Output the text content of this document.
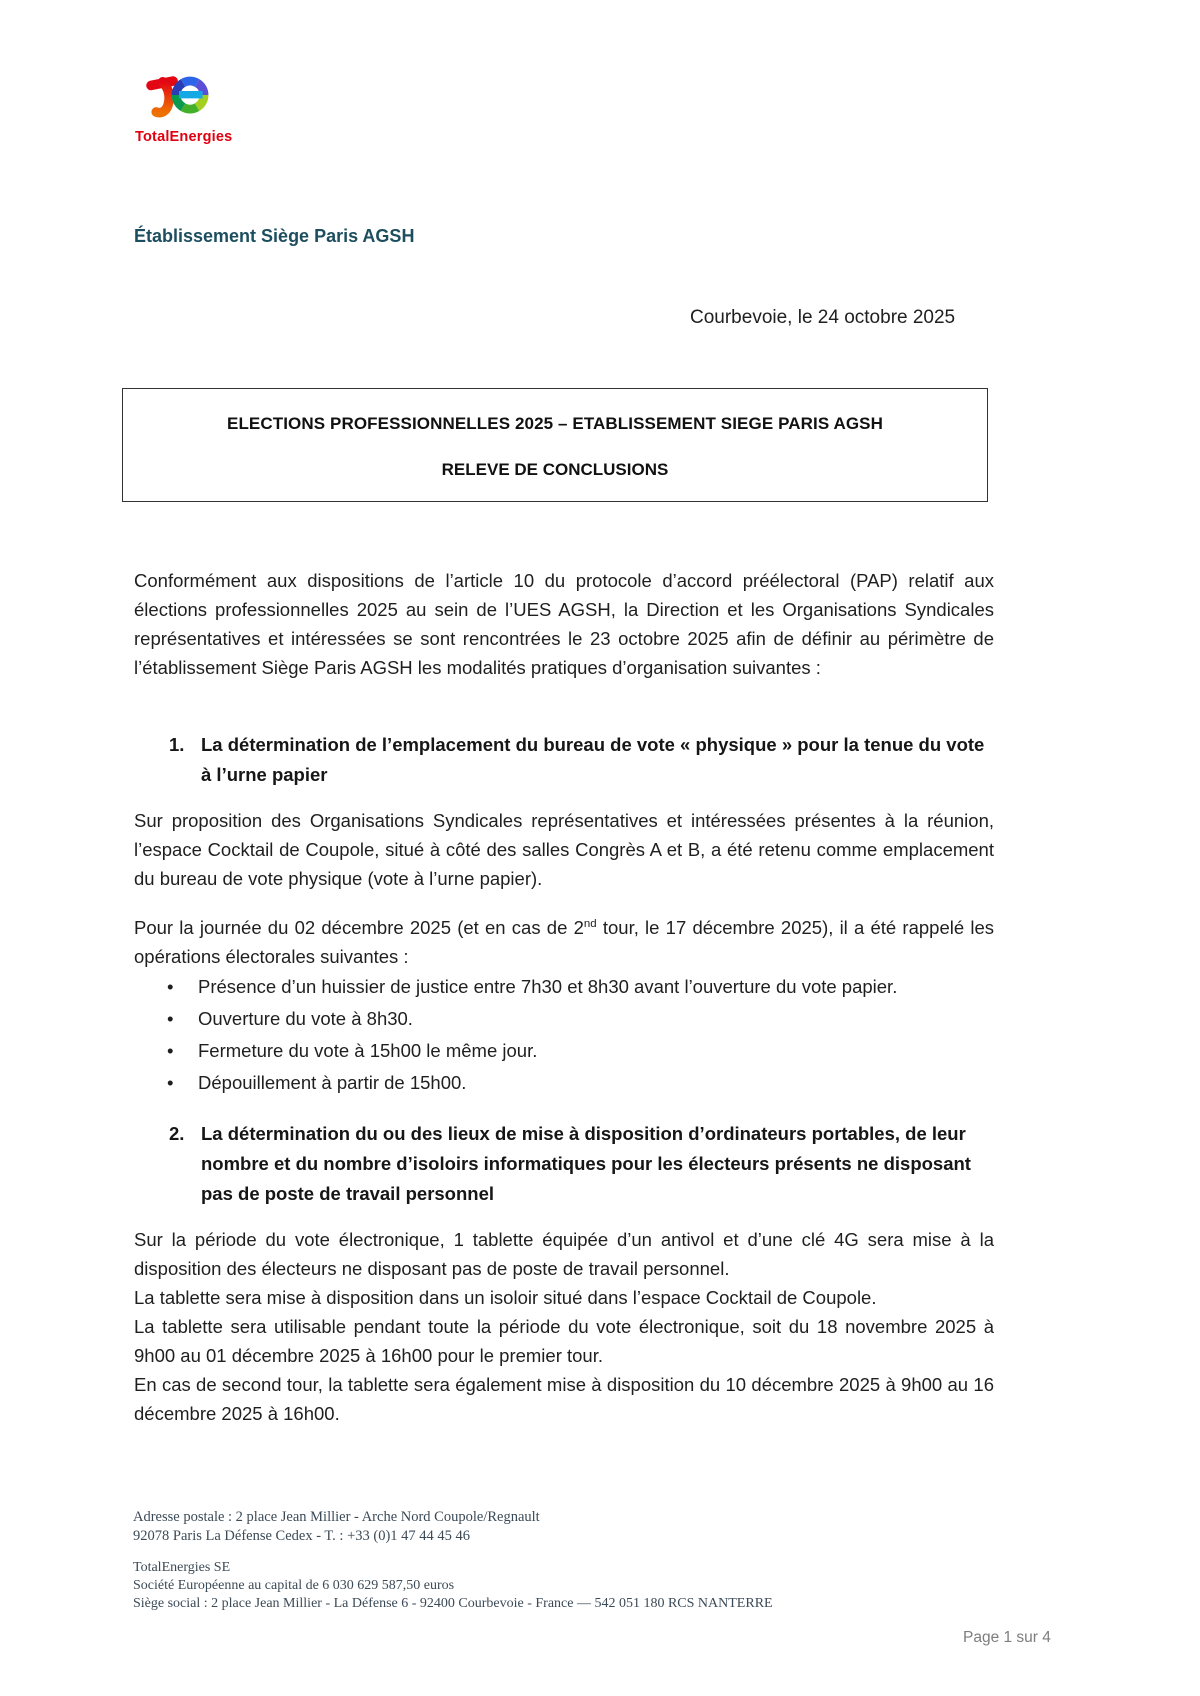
TotalEnergies
Établissement Siège Paris AGSH
Courbevoie, le 24 octobre 2025
ELECTIONS PROFESSIONNELLES 2025 – ETABLISSEMENT SIEGE PARIS AGSH
RELEVE DE CONCLUSIONS

Conformément aux dispositions de l’article 10 du protocole d’accord préélectoral (PAP) relatif aux élections professionnelles 2025 au sein de l’UES AGSH, la Direction et les Organisations Syndicales représentatives et intéressées se sont rencontrées le 23 octobre 2025 afin de définir au périmètre de l’établissement Siège Paris AGSH les modalités pratiques d’organisation suivantes :

1. La détermination de l’emplacement du bureau de vote « physique » pour la tenue du vote à l’urne papier

Sur proposition des Organisations Syndicales représentatives et intéressées présentes à la réunion, l’espace Cocktail de Coupole, situé à côté des salles Congrès A et B, a été retenu comme emplacement du bureau de vote physique (vote à l’urne papier).

Pour la journée du 02 décembre 2025 (et en cas de 2nd tour, le 17 décembre 2025), il a été rappelé les opérations électorales suivantes :

• Présence d’un huissier de justice entre 7h30 et 8h30 avant l’ouverture du vote papier.
• Ouverture du vote à 8h30.
• Fermeture du vote à 15h00 le même jour.
• Dépouillement à partir de 15h00.
2. La détermination du ou des lieux de mise à disposition d’ordinateurs portables, de leur nombre et du nombre d’isoloirs informatiques pour les électeurs présents ne disposant pas de poste de travail personnel

Sur la période du vote électronique, 1 tablette équipée d’un antivol et d’une clé 4G sera mise à la disposition des électeurs ne disposant pas de poste de travail personnel.

La tablette sera mise à disposition dans un isoloir situé dans l’espace Cocktail de Coupole.

La tablette sera utilisable pendant toute la période du vote électronique, soit du 18 novembre 2025 à 9h00 au 01 décembre 2025 à 16h00 pour le premier tour.

En cas de second tour, la tablette sera également mise à disposition du 10 décembre 2025 à 9h00 au 16 décembre 2025 à 16h00.

Adresse postale : 2 place Jean Millier - Arche Nord Coupole/Regnault
92078 Paris La Défense Cedex - T. : +33 (0)1 47 44 45 46
TotalEnergies SE
Société Européenne au capital de 6 030 629 587,50 euros
Siège social : 2 place Jean Millier - La Défense 6 - 92400 Courbevoie - France — 542 051 180 RCS NANTERRE
Page 1 sur 4
